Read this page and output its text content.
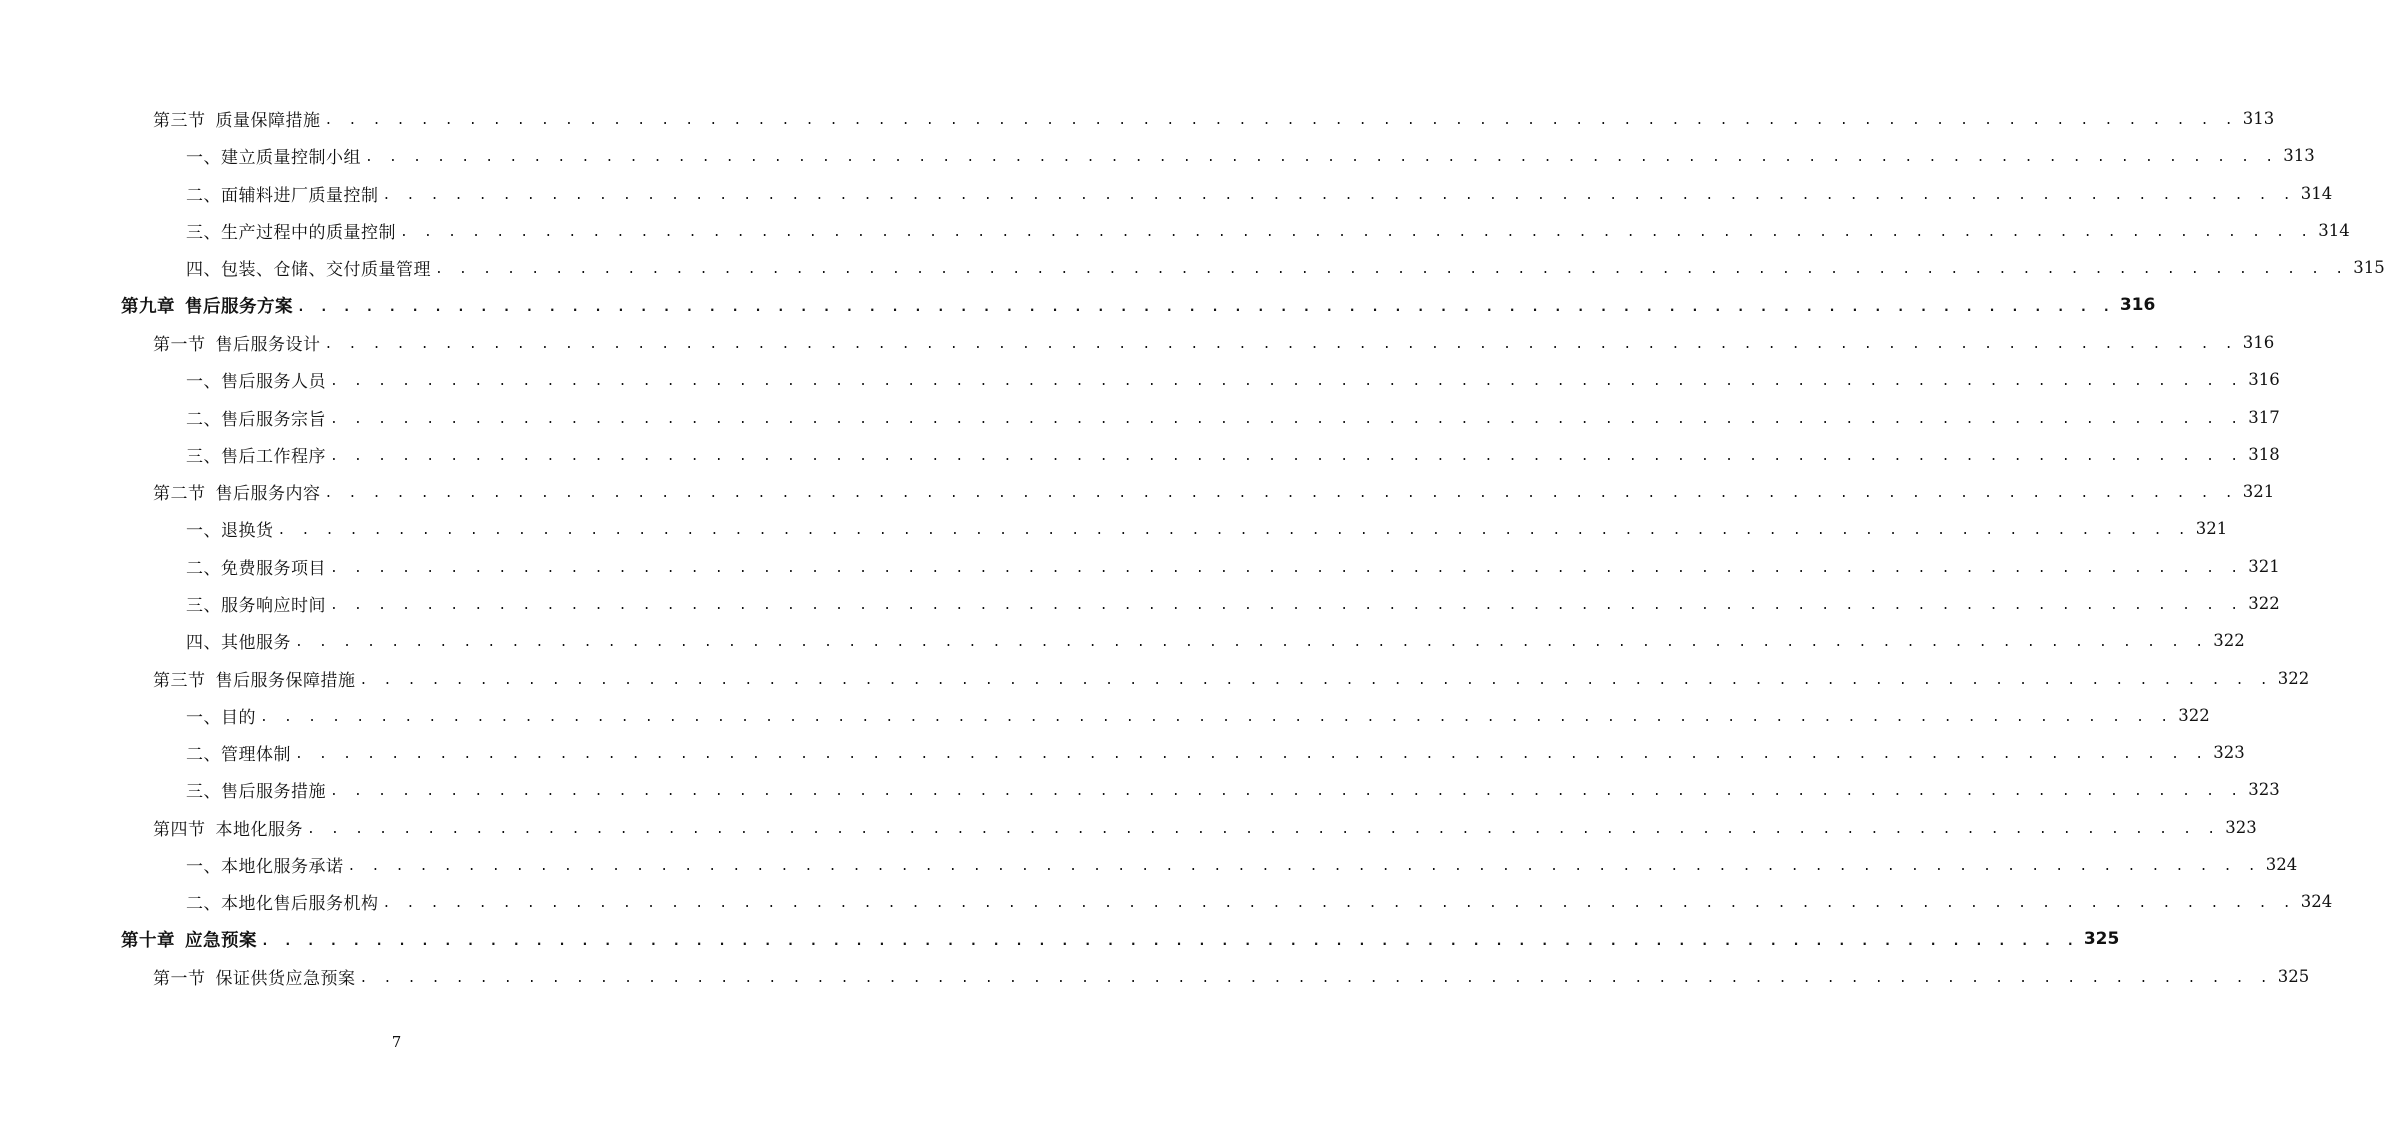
第三节 质量保障措施 . . . . . . . . . . . . . . . . . . . . . . . . . . . . . . . . . . . . . . . . . . . . . . . . . . . . . . . . . . . . . . . . . . . . . . . . . . . . . . . . 313
一、建立质量控制小组 . . . . . . . . . . . . . . . . . . . . . . . . . . . . . . . . . . . . . . . . . . . . . . . . . . . . . . . . . . . . . . . . . . . . . . . . . . . . . . . . 313
二、面辅料进厂质量控制 . . . . . . . . . . . . . . . . . . . . . . . . . . . . . . . . . . . . . . . . . . . . . . . . . . . . . . . . . . . . . . . . . . . . . . . . . . . . . . . . 314
三、生产过程中的质量控制 . . . . . . . . . . . . . . . . . . . . . . . . . . . . . . . . . . . . . . . . . . . . . . . . . . . . . . . . . . . . . . . . . . . . . . . . . . . . . . . . 314
四、包装、仓储、交付质量管理 . . . . . . . . . . . . . . . . . . . . . . . . . . . . . . . . . . . . . . . . . . . . . . . . . . . . . . . . . . . . . . . . . . . . . . . . . . . . . . . . 315
第九章 售后服务方案 . . . . . . . . . . . . . . . . . . . . . . . . . . . . . . . . . . . . . . . . . . . . . . . . . . . . . . . . . . . . . . . . . . . . . . . . . . . . . . . . 316
第一节 售后服务设计 . . . . . . . . . . . . . . . . . . . . . . . . . . . . . . . . . . . . . . . . . . . . . . . . . . . . . . . . . . . . . . . . . . . . . . . . . . . . . . . . 316
一、售后服务人员 . . . . . . . . . . . . . . . . . . . . . . . . . . . . . . . . . . . . . . . . . . . . . . . . . . . . . . . . . . . . . . . . . . . . . . . . . . . . . . . . 316
二、售后服务宗旨 . . . . . . . . . . . . . . . . . . . . . . . . . . . . . . . . . . . . . . . . . . . . . . . . . . . . . . . . . . . . . . . . . . . . . . . . . . . . . . . . 317
三、售后工作程序 . . . . . . . . . . . . . . . . . . . . . . . . . . . . . . . . . . . . . . . . . . . . . . . . . . . . . . . . . . . . . . . . . . . . . . . . . . . . . . . . 318
第二节 售后服务内容 . . . . . . . . . . . . . . . . . . . . . . . . . . . . . . . . . . . . . . . . . . . . . . . . . . . . . . . . . . . . . . . . . . . . . . . . . . . . . . . . 321
一、退换货 . . . . . . . . . . . . . . . . . . . . . . . . . . . . . . . . . . . . . . . . . . . . . . . . . . . . . . . . . . . . . . . . . . . . . . . . . . . . . . . . 321
二、免费服务项目 . . . . . . . . . . . . . . . . . . . . . . . . . . . . . . . . . . . . . . . . . . . . . . . . . . . . . . . . . . . . . . . . . . . . . . . . . . . . . . . . 321
三、服务响应时间 . . . . . . . . . . . . . . . . . . . . . . . . . . . . . . . . . . . . . . . . . . . . . . . . . . . . . . . . . . . . . . . . . . . . . . . . . . . . . . . . 322
四、其他服务 . . . . . . . . . . . . . . . . . . . . . . . . . . . . . . . . . . . . . . . . . . . . . . . . . . . . . . . . . . . . . . . . . . . . . . . . . . . . . . . . 322
第三节 售后服务保障措施 . . . . . . . . . . . . . . . . . . . . . . . . . . . . . . . . . . . . . . . . . . . . . . . . . . . . . . . . . . . . . . . . . . . . . . . . . . . . . . . . 322
一、目的 . . . . . . . . . . . . . . . . . . . . . . . . . . . . . . . . . . . . . . . . . . . . . . . . . . . . . . . . . . . . . . . . . . . . . . . . . . . . . . . . 322
二、管理体制 . . . . . . . . . . . . . . . . . . . . . . . . . . . . . . . . . . . . . . . . . . . . . . . . . . . . . . . . . . . . . . . . . . . . . . . . . . . . . . . . 323
三、售后服务措施 . . . . . . . . . . . . . . . . . . . . . . . . . . . . . . . . . . . . . . . . . . . . . . . . . . . . . . . . . . . . . . . . . . . . . . . . . . . . . . . . 323
第四节 本地化服务 . . . . . . . . . . . . . . . . . . . . . . . . . . . . . . . . . . . . . . . . . . . . . . . . . . . . . . . . . . . . . . . . . . . . . . . . . . . . . . . . 323
一、本地化服务承诺 . . . . . . . . . . . . . . . . . . . . . . . . . . . . . . . . . . . . . . . . . . . . . . . . . . . . . . . . . . . . . . . . . . . . . . . . . . . . . . . . 324
二、本地化售后服务机构 . . . . . . . . . . . . . . . . . . . . . . . . . . . . . . . . . . . . . . . . . . . . . . . . . . . . . . . . . . . . . . . . . . . . . . . . . . . . . . . . 324
第十章 应急预案 . . . . . . . . . . . . . . . . . . . . . . . . . . . . . . . . . . . . . . . . . . . . . . . . . . . . . . . . . . . . . . . . . . . . . . . . . . . . . . . . 325
第一节 保证供货应急预案 . . . . . . . . . . . . . . . . . . . . . . . . . . . . . . . . . . . . . . . . . . . . . . . . . . . . . . . . . . . . . . . . . . . . . . . . . . . . . . . . 325
7
